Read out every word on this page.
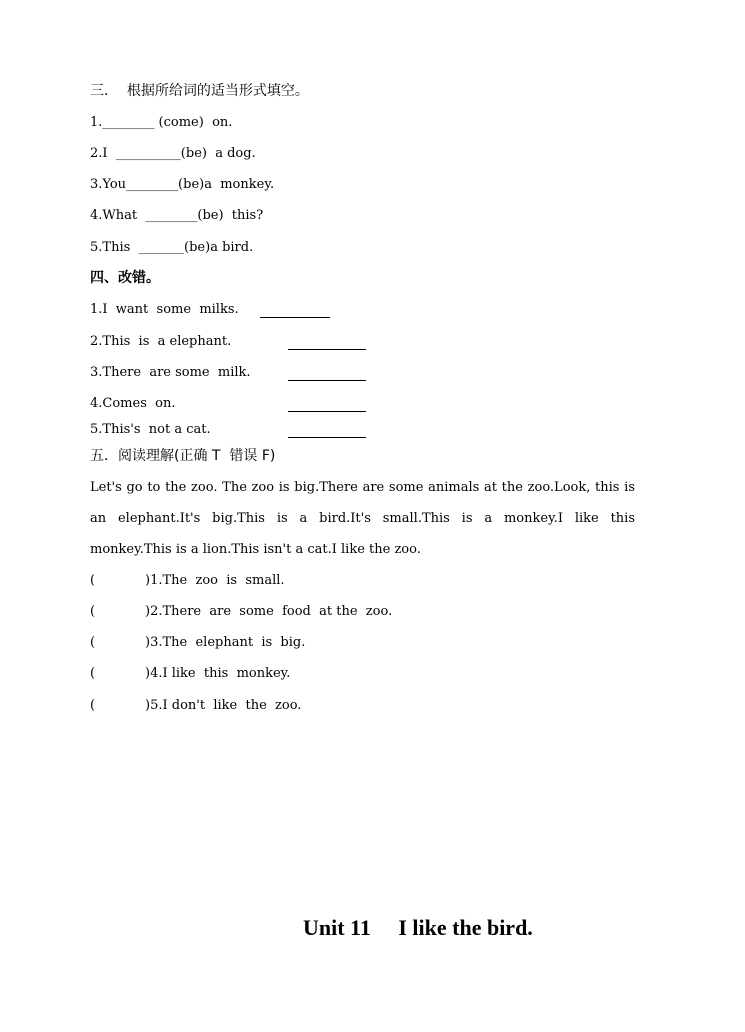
三．  根据所给词的适当形式填空。
1.________ (come)  on.
2.I  __________(be)  a dog.
3.You________(be)a  monkey.
4.What  ________(be)  this?
5.This  _______(be)a bird.
四、改错。
1.I  want  some  milks.
2.This  is  a elephant.
3.There  are some  milk.
4.Comes  on.
5.This's  not a cat.
五．阅读理解(正确 T  错误 F)
Let's go to the zoo. The zoo is big.There are some animals at the zoo.Look, this is an elephant.It's big.This is a bird.It's small.This is a monkey.I like this monkey.This is a lion.This isn't a cat.I like the zoo.
(	)1.The  zoo  is  small.
(	)2.There  are  some  food  at the  zoo.
(	)3.The  elephant  is  big.
(	)4.I like  this  monkey.
(	)5.I don't  like  the  zoo.
Unit 11     I like the bird.
